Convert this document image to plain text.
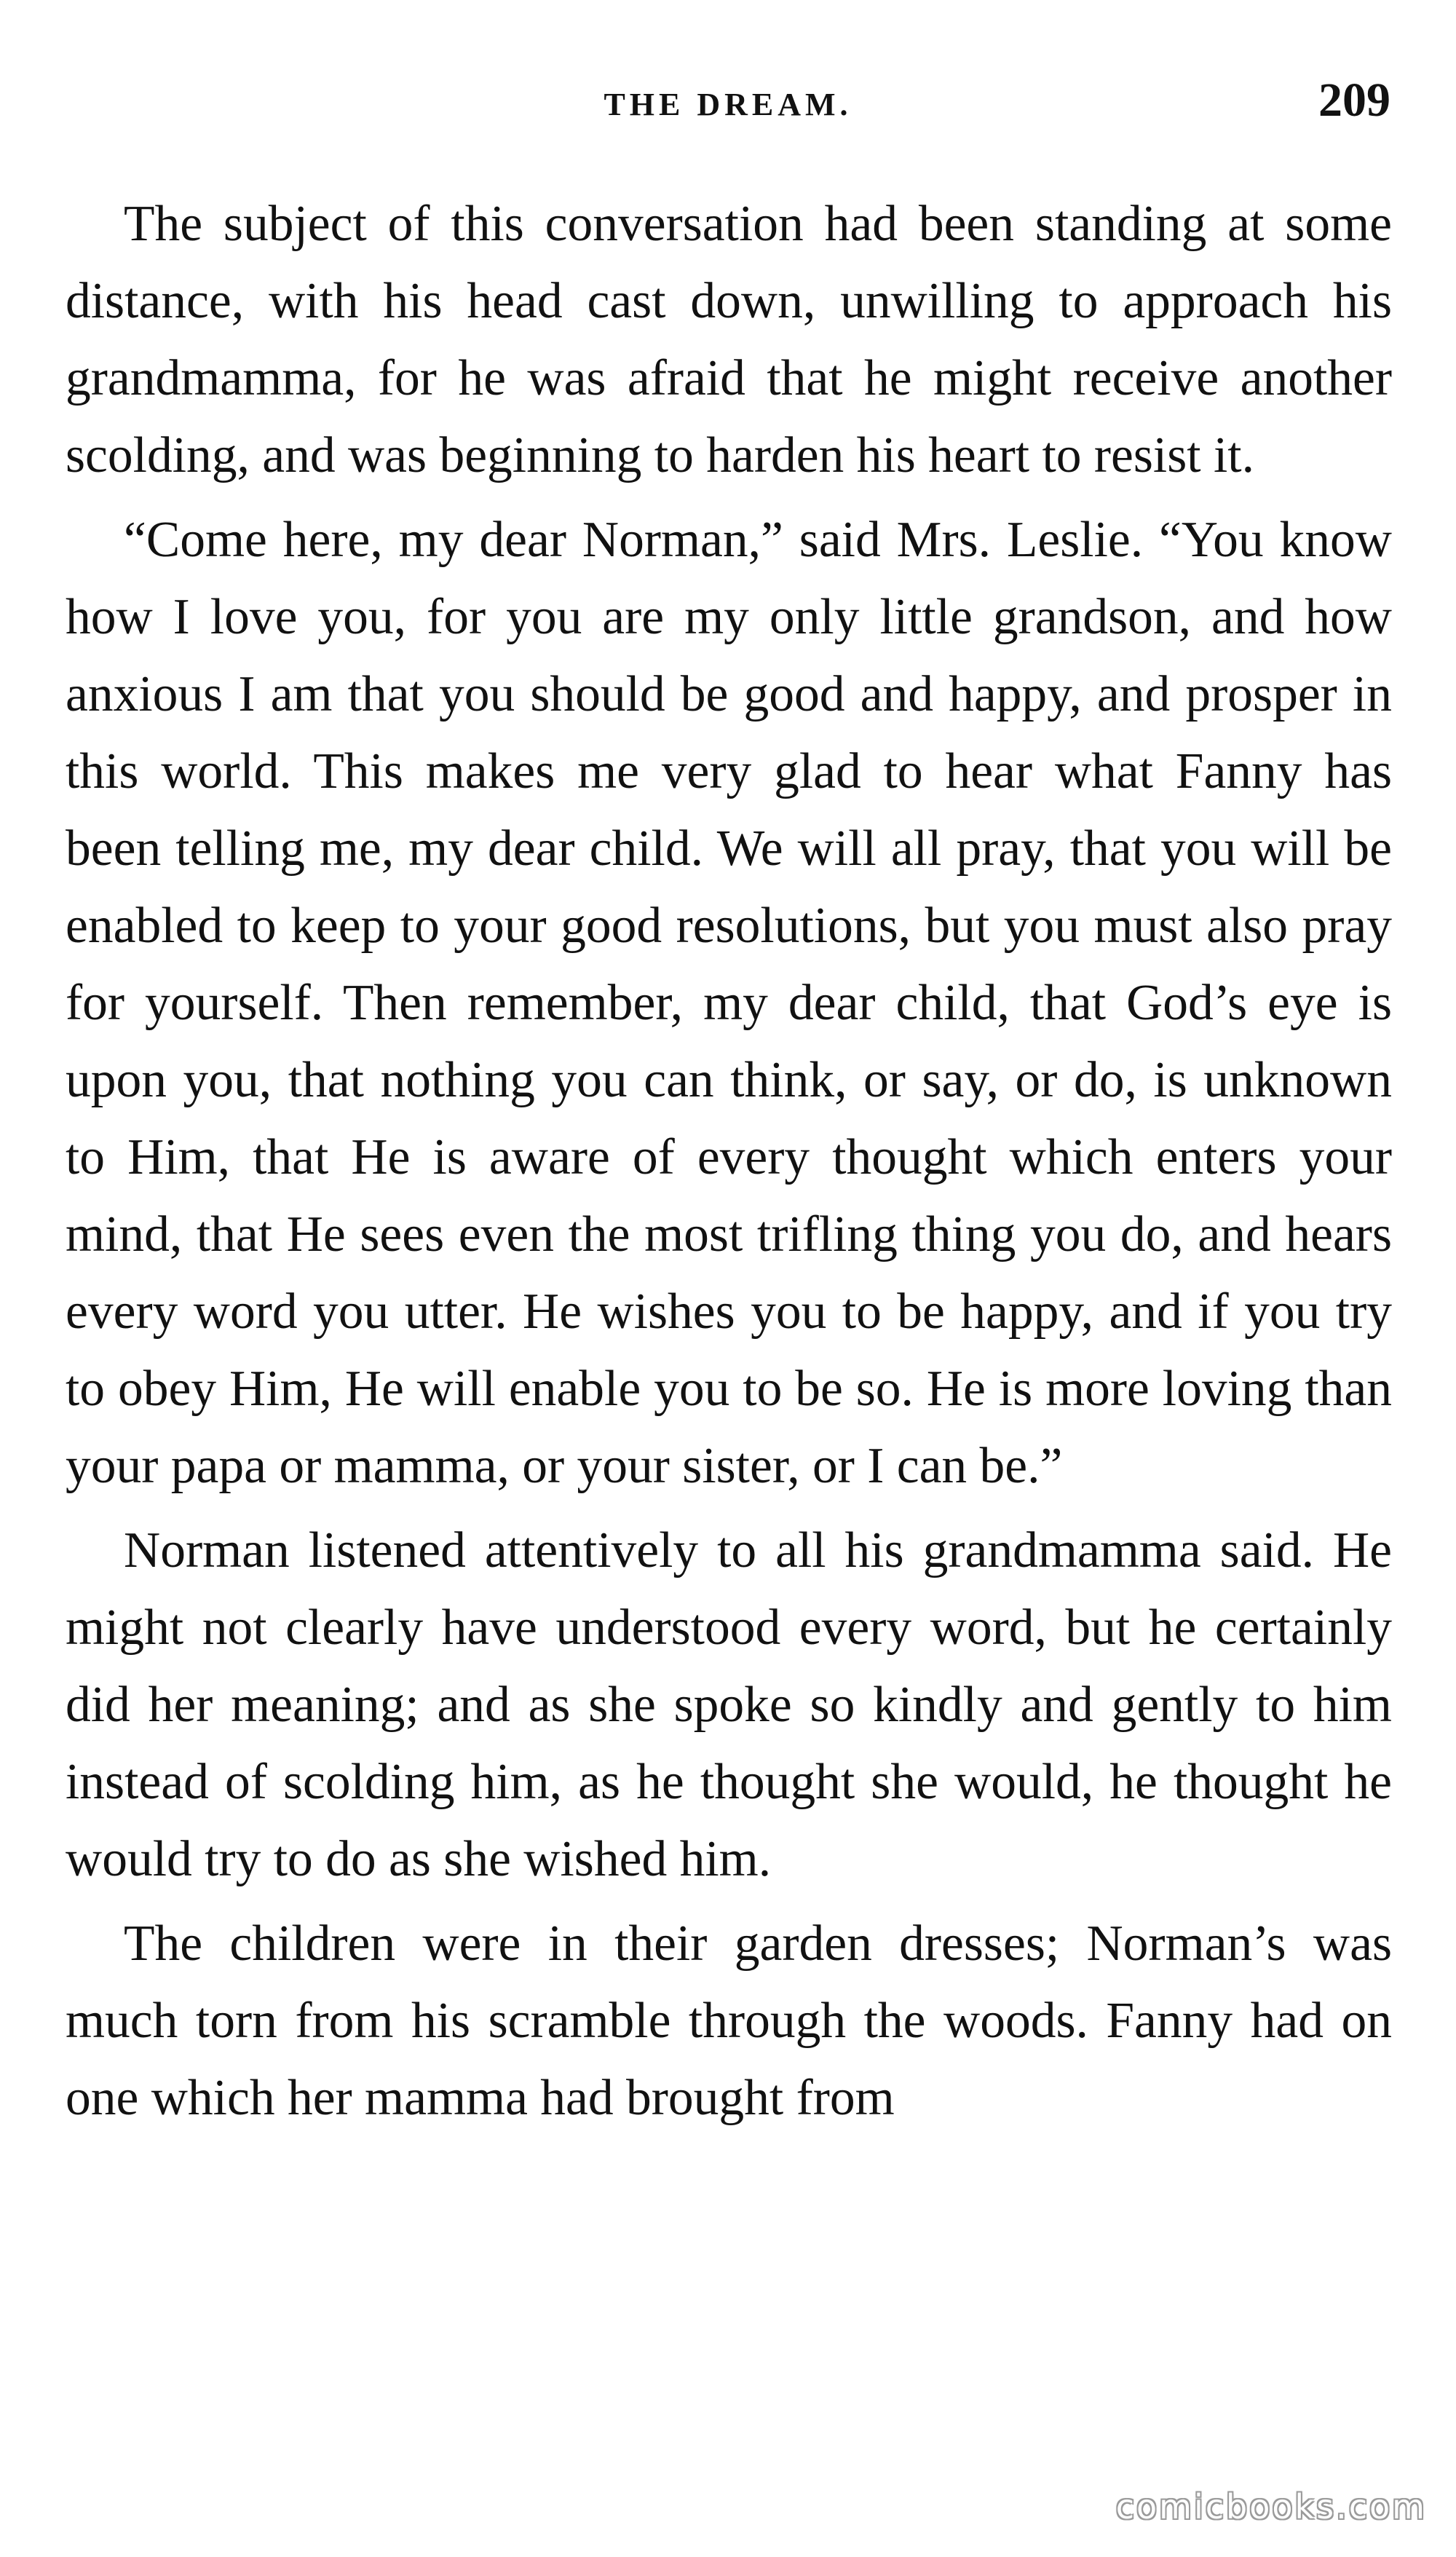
THE DREAM.	209

The subject of this conversation had been standing at some distance, with his head cast down, unwilling to approach his grandmamma, for he was afraid that he might receive another scolding, and was beginning to harden his heart to resist it.

“Come here, my dear Norman,” said Mrs. Leslie. “You know how I love you, for you are my only little grandson, and how anxious I am that you should be good and happy, and prosper in this world. This makes me very glad to hear what Fanny has been telling me, my dear child. We will all pray, that you will be enabled to keep to your good resolutions, but you must also pray for yourself. Then remember, my dear child, that God’s eye is upon you, that nothing you can think, or say, or do, is unknown to Him, that He is aware of every thought which enters your mind, that He sees even the most trifling thing you do, and hears every word you utter. He wishes you to be happy, and if you try to obey Him, He will enable you to be so. He is more loving than your papa or mamma, or your sister, or I can be.”

Norman listened attentively to all his grandmamma said. He might not clearly have understood every word, but he certainly did her meaning; and as she spoke so kindly and gently to him instead of scolding him, as he thought she would, he thought he would try to do as she wished him.

The children were in their garden dresses; Norman’s was much torn from his scramble through the woods. Fanny had on one which her mamma had brought from

comicbooks.com
